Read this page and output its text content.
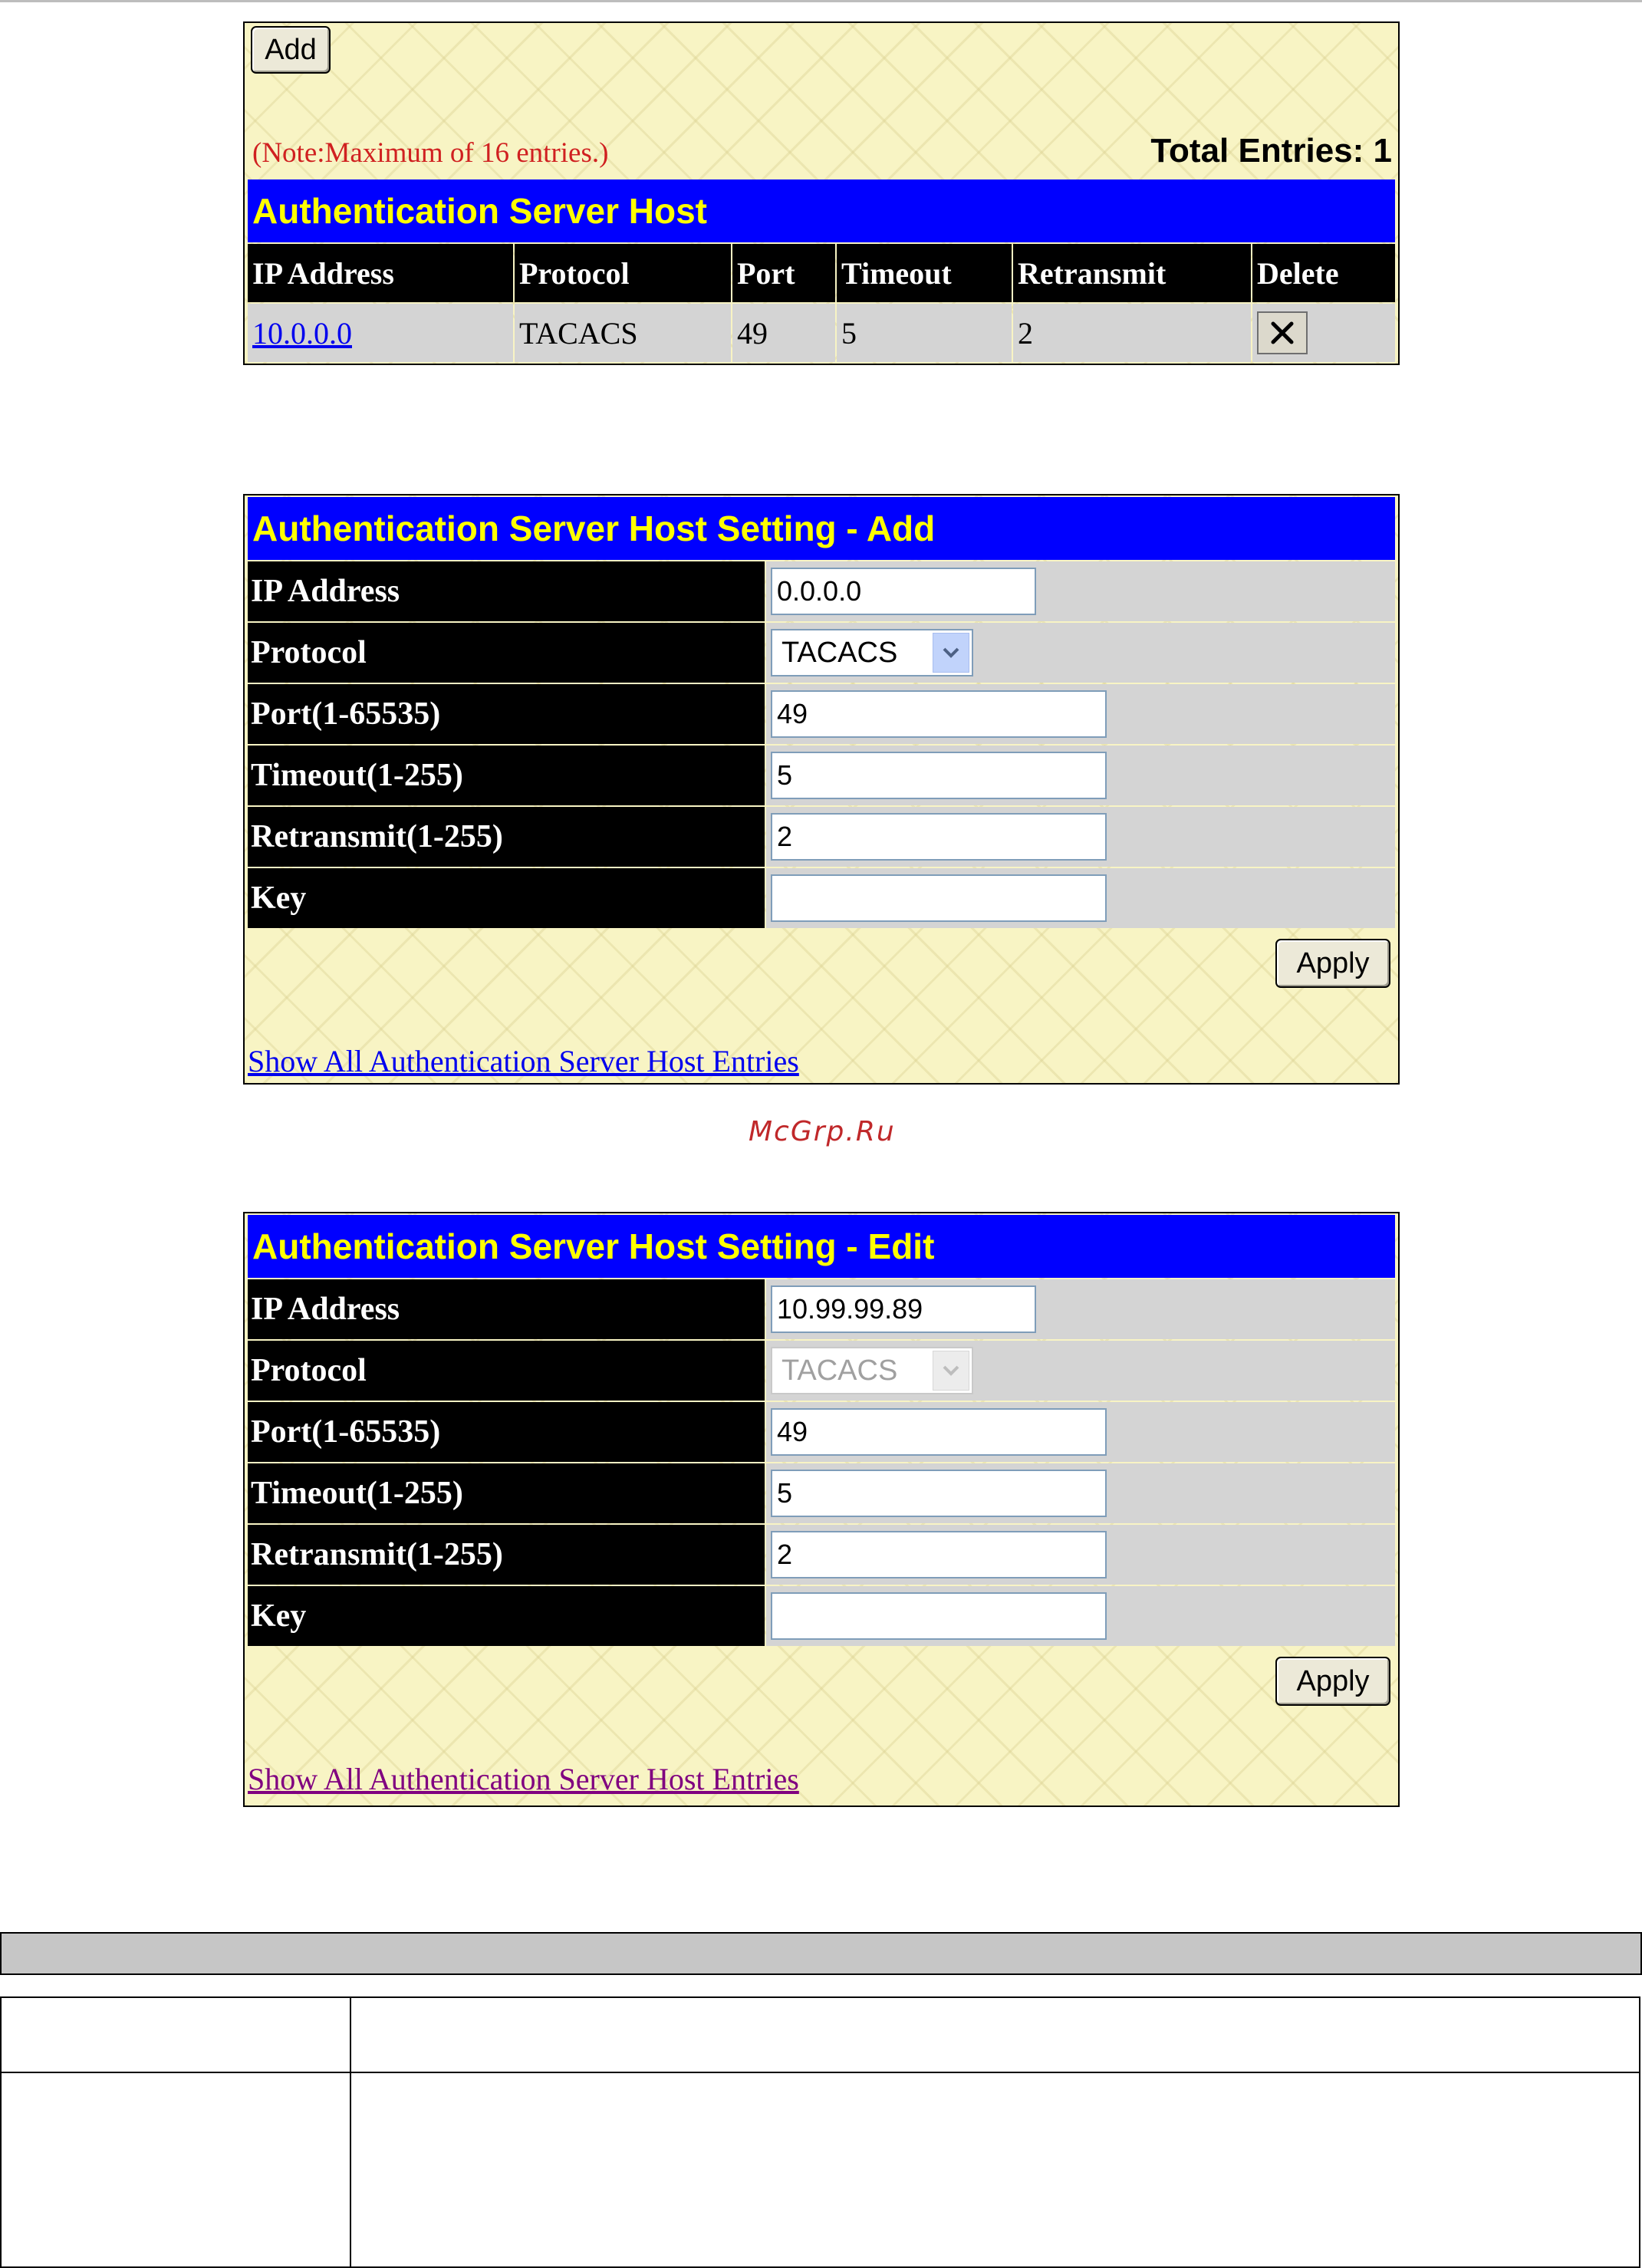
Add
(Note:Maximum of 16 entries.)	Total Entries: 1
Authentication Server Host
IP Address	Protocol	Port	Timeout	Retransmit	Delete
10.0.0.0	TACACS	49	5	2
Authentication Server Host Setting - Add
IP Address	0.0.0.0
Protocol	TACACS
Port(1-65535)	49
Timeout(1-255)	5
Retransmit(1-255)	2
Key
Apply
Show All Authentication Server Host Entries
McGrp.Ru
Authentication Server Host Setting - Edit
IP Address	10.99.99.89
Protocol	TACACS
Port(1-65535)	49
Timeout(1-255)	5
Retransmit(1-255)	2
Key
Apply
Show All Authentication Server Host Entries
